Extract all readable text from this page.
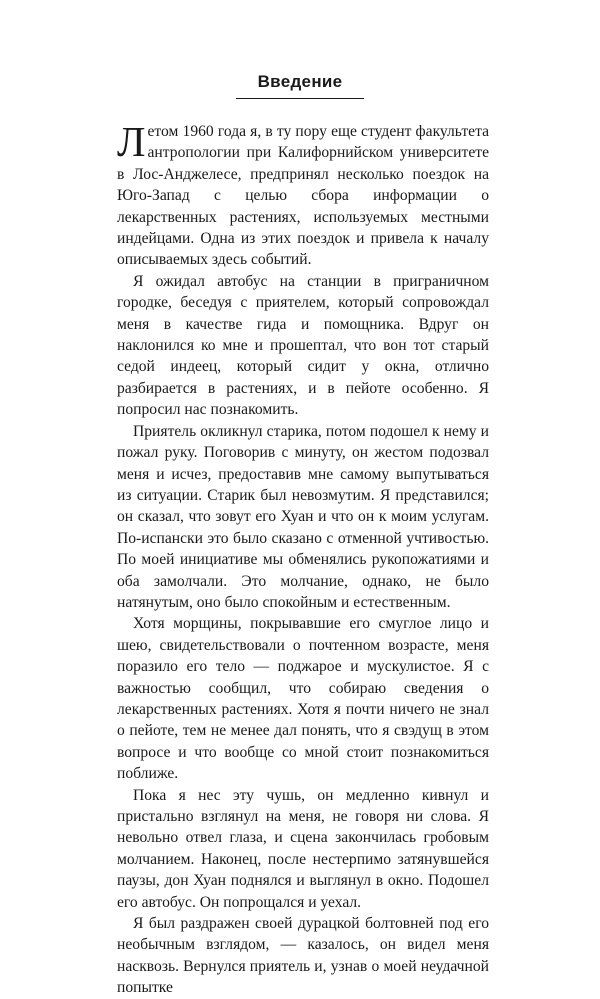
Введение

Летом 1960 года я, в ту пору еще студент факультета антропологии при Калифорнийском университете в Лос-Анджелесе, предпринял несколько поездок на Юго-Запад с целью сбора информации о лекарственных растениях, используемых местными индейцами. Одна из этих поездок и привела к началу описываемых здесь событий.

Я ожидал автобус на станции в приграничном городке, беседуя с приятелем, который сопровождал меня в качестве гида и помощника. Вдруг он наклонился ко мне и прошептал, что вон тот старый седой индеец, который сидит у окна, отлично разбирается в растениях, и в пейоте особенно. Я попросил нас познакомить.

Приятель окликнул старика, потом подошел к нему и пожал руку. Поговорив с минуту, он жестом подозвал меня и исчез, предоставив мне самому выпутываться из ситуации. Старик был невозмутим. Я представился; он сказал, что зовут его Хуан и что он к моим услугам. По-испански это было сказано с отменной учтивостью. По моей инициативе мы обменялись рукопожатиями и оба замолчали. Это молчание, однако, не было натянутым, оно было спокойным и естественным.

Хотя морщины, покрывавшие его смуглое лицо и шею, свидетельствовали о почтенном возрасте, меня поразило его тело — поджарое и мускулистое. Я с важностью сообщил, что собираю сведения о лекарственных растениях. Хотя я почти ничего не знал о пейоте, тем не менее дал понять, что я свэдущ в этом вопросе и что вообще со мной стоит познакомиться поближе.

Пока я нес эту чушь, он медленно кивнул и пристально взглянул на меня, не говоря ни слова. Я невольно отвел глаза, и сцена закончилась гробовым молчанием. Наконец, после нестерпимо затянувшейся паузы, дон Хуан поднялся и выглянул в окно. Подошел его автобус. Он попрощался и уехал.

Я был раздражен своей дурацкой болтовней под его необычным взглядом, — казалось, он видел меня насквозь. Вернулся приятель и, узнав о моей неудачной попытке
